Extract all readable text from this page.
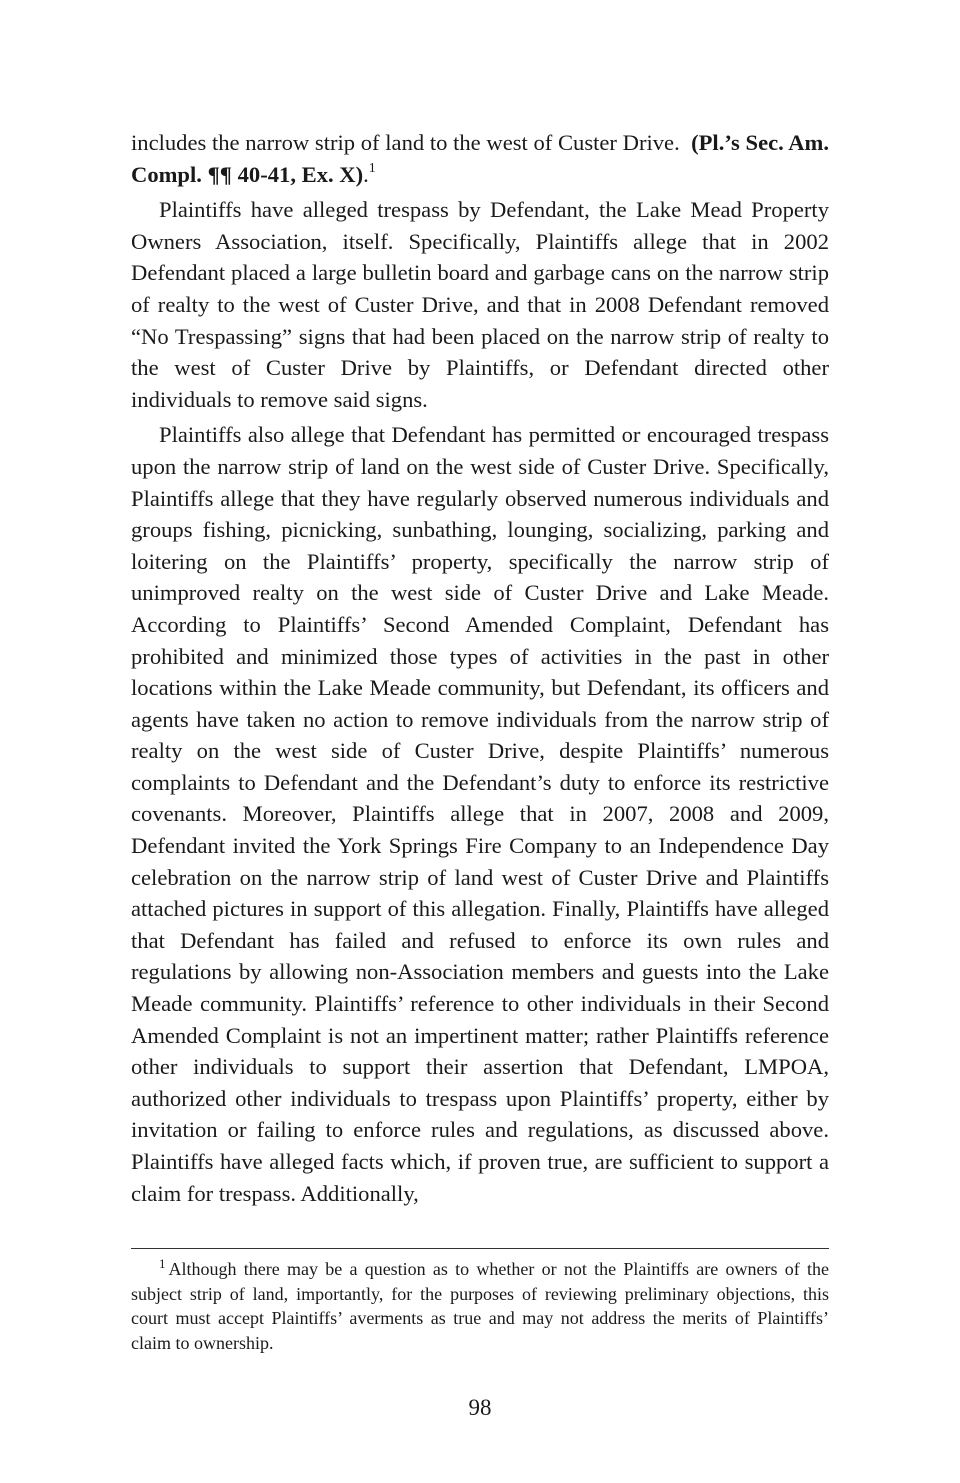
includes the narrow strip of land to the west of Custer Drive.  (Pl.’s Sec. Am. Compl. ¶¶ 40-41, Ex. X).$^1$

Plaintiffs have alleged trespass by Defendant, the Lake Mead Property Owners Association, itself. Specifically, Plaintiffs allege that in 2002 Defendant placed a large bulletin board and garbage cans on the narrow strip of realty to the west of Custer Drive, and that in 2008 Defendant removed “No Trespassing” signs that had been placed on the narrow strip of realty to the west of Custer Drive by Plaintiffs, or Defendant directed other individuals to remove said signs.

Plaintiffs also allege that Defendant has permitted or encouraged trespass upon the narrow strip of land on the west side of Custer Drive. Specifically, Plaintiffs allege that they have regularly observed numerous individuals and groups fishing, picnicking, sunbathing, lounging, socializing, parking and loitering on the Plaintiffs’ property, specifically the narrow strip of unimproved realty on the west side of Custer Drive and Lake Meade. According to Plaintiffs’ Second Amended Complaint, Defendant has prohibited and minimized those types of activities in the past in other locations within the Lake Meade community, but Defendant, its officers and agents have taken no action to remove individuals from the narrow strip of realty on the west side of Custer Drive, despite Plaintiffs’ numerous complaints to Defendant and the Defendant’s duty to enforce its restrictive covenants. Moreover, Plaintiffs allege that in 2007, 2008 and 2009, Defendant invited the York Springs Fire Company to an Independence Day celebration on the narrow strip of land west of Custer Drive and Plaintiffs attached pictures in support of this allegation. Finally, Plaintiffs have alleged that Defendant has failed and refused to enforce its own rules and regulations by allowing non-Association members and guests into the Lake Meade community. Plaintiffs’ reference to other individuals in their Second Amended Complaint is not an impertinent matter; rather Plaintiffs reference other individuals to support their assertion that Defendant, LMPOA, authorized other individuals to trespass upon Plaintiffs’ property, either by invitation or failing to enforce rules and regulations, as discussed above. Plaintiffs have alleged facts which, if proven true, are sufficient to support a claim for trespass. Additionally,

$^1$ Although there may be a question as to whether or not the Plaintiffs are owners of the subject strip of land, importantly, for the purposes of reviewing preliminary objections, this court must accept Plaintiffs’ averments as true and may not address the merits of Plaintiffs’ claim to ownership.

98
